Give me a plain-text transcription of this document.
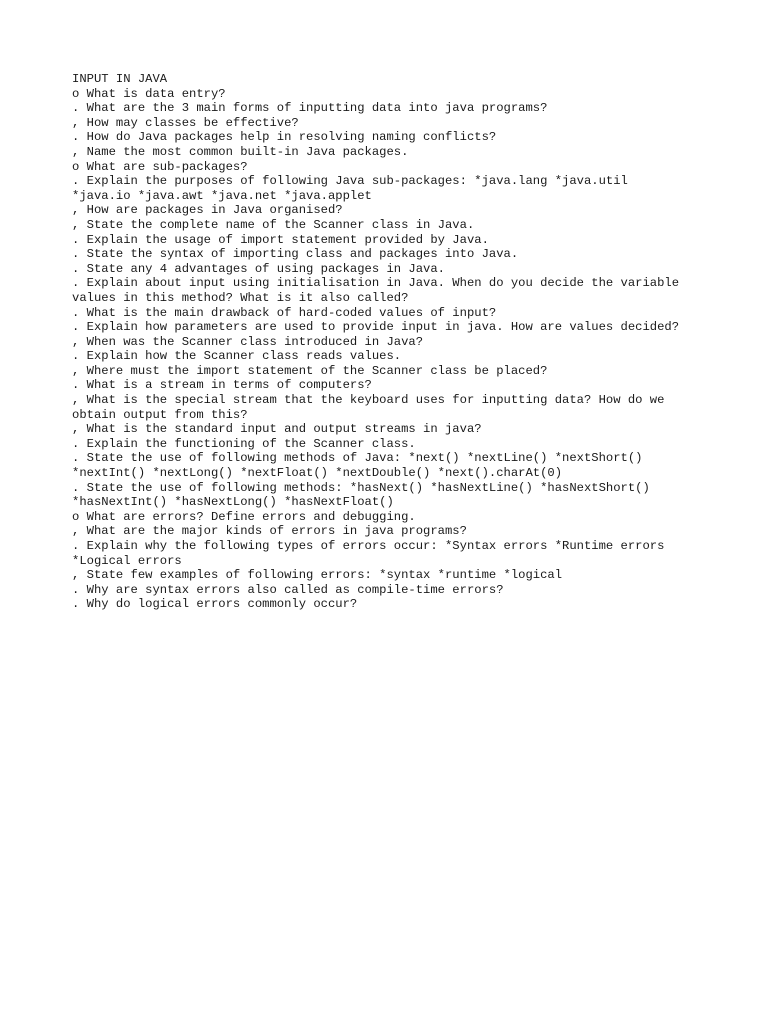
INPUT IN JAVA
o What is data entry?
. What are the 3 main forms of inputting data into java programs?
, How may classes be effective?
. How do Java packages help in resolving naming conflicts?
, Name the most common built-in Java packages.
o What are sub-packages?
. Explain the purposes of following Java sub-packages: *java.lang *java.util
*java.io *java.awt *java.net *java.applet
, How are packages in Java organised?
, State the complete name of the Scanner class in Java.
. Explain the usage of import statement provided by Java.
. State the syntax of importing class and packages into Java.
. State any 4 advantages of using packages in Java.
. Explain about input using initialisation in Java. When do you decide the variable
values in this method? What is it also called?
. What is the main drawback of hard-coded values of input?
. Explain how parameters are used to provide input in java. How are values decided?
, When was the Scanner class introduced in Java?
. Explain how the Scanner class reads values.
, Where must the import statement of the Scanner class be placed?
. What is a stream in terms of computers?
, What is the special stream that the keyboard uses for inputting data? How do we
obtain output from this?
, What is the standard input and output streams in java?
. Explain the functioning of the Scanner class.
. State the use of following methods of Java: *next() *nextLine() *nextShort()
*nextInt() *nextLong() *nextFloat() *nextDouble() *next().charAt(0)
. State the use of following methods: *hasNext() *hasNextLine() *hasNextShort()
*hasNextInt() *hasNextLong() *hasNextFloat()
o What are errors? Define errors and debugging.
, What are the major kinds of errors in java programs?
. Explain why the following types of errors occur: *Syntax errors *Runtime errors
*Logical errors
, State few examples of following errors: *syntax *runtime *logical
. Why are syntax errors also called as compile-time errors?
. Why do logical errors commonly occur?
